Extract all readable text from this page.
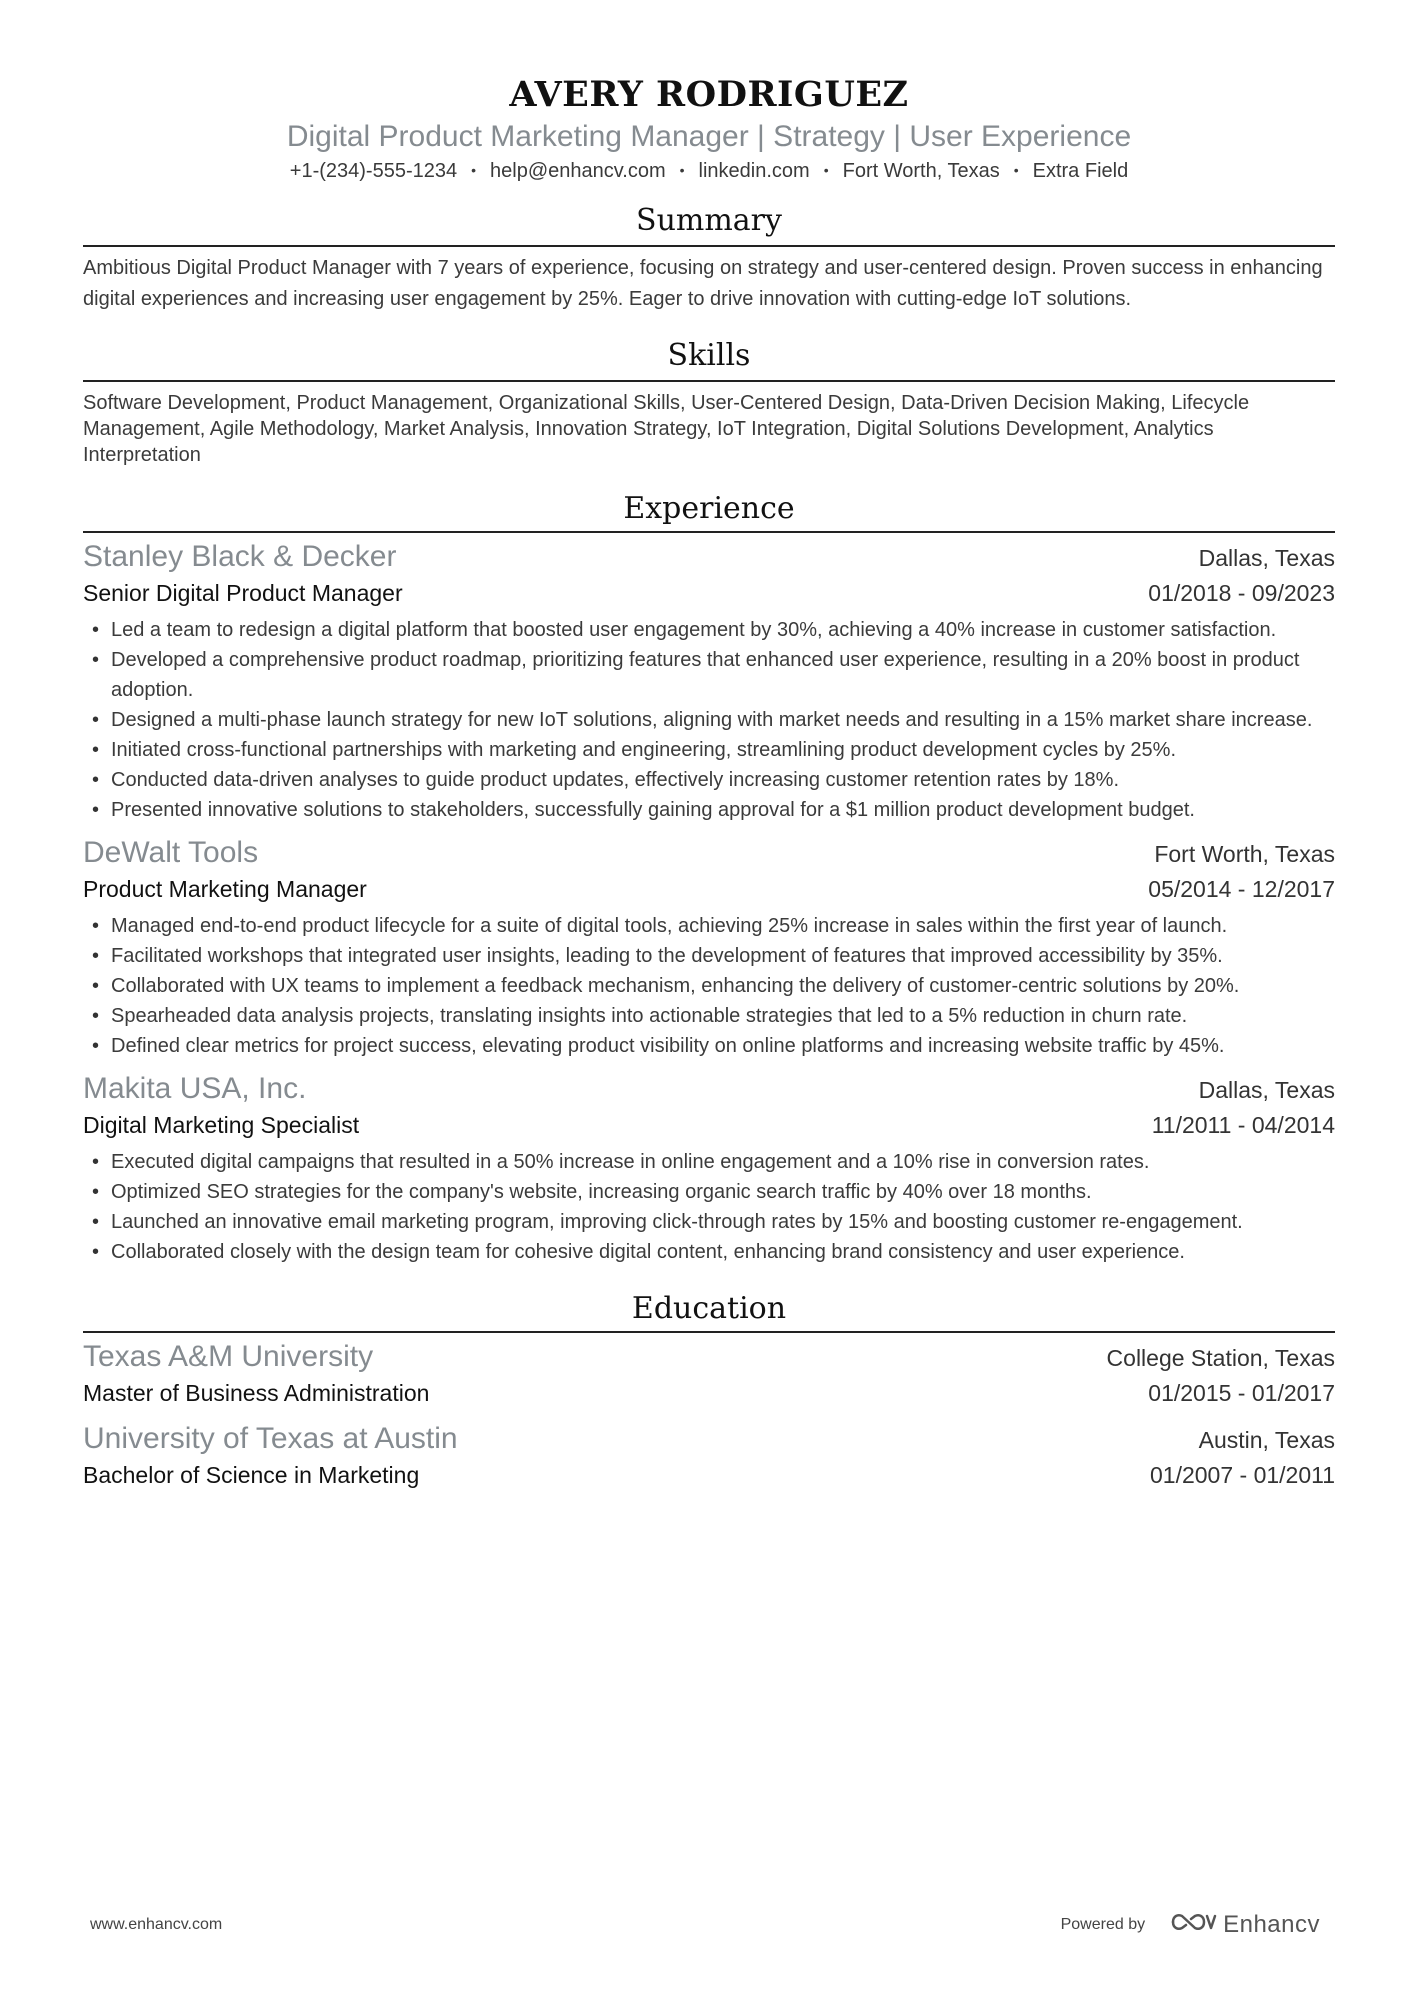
AVERY RODRIGUEZ
Digital Product Marketing Manager | Strategy | User Experience
+1-(234)-555-1234 • help@enhancv.com • linkedin.com • Fort Worth, Texas • Extra Field
Summary
Ambitious Digital Product Manager with 7 years of experience, focusing on strategy and user-centered design. Proven success in enhancing digital experiences and increasing user engagement by 25%. Eager to drive innovation with cutting-edge IoT solutions.
Skills
Software Development, Product Management, Organizational Skills, User-Centered Design, Data-Driven Decision Making, Lifecycle Management, Agile Methodology, Market Analysis, Innovation Strategy, IoT Integration, Digital Solutions Development, Analytics Interpretation
Experience
Stanley Black & Decker	Dallas, Texas
Senior Digital Product Manager	01/2018 - 09/2023
• Led a team to redesign a digital platform that boosted user engagement by 30%, achieving a 40% increase in customer satisfaction.
• Developed a comprehensive product roadmap, prioritizing features that enhanced user experience, resulting in a 20% boost in product adoption.
• Designed a multi-phase launch strategy for new IoT solutions, aligning with market needs and resulting in a 15% market share increase.
• Initiated cross-functional partnerships with marketing and engineering, streamlining product development cycles by 25%.
• Conducted data-driven analyses to guide product updates, effectively increasing customer retention rates by 18%.
• Presented innovative solutions to stakeholders, successfully gaining approval for a $1 million product development budget.
DeWalt Tools	Fort Worth, Texas
Product Marketing Manager	05/2014 - 12/2017
• Managed end-to-end product lifecycle for a suite of digital tools, achieving 25% increase in sales within the first year of launch.
• Facilitated workshops that integrated user insights, leading to the development of features that improved accessibility by 35%.
• Collaborated with UX teams to implement a feedback mechanism, enhancing the delivery of customer-centric solutions by 20%.
• Spearheaded data analysis projects, translating insights into actionable strategies that led to a 5% reduction in churn rate.
• Defined clear metrics for project success, elevating product visibility on online platforms and increasing website traffic by 45%.
Makita USA, Inc.	Dallas, Texas
Digital Marketing Specialist	11/2011 - 04/2014
• Executed digital campaigns that resulted in a 50% increase in online engagement and a 10% rise in conversion rates.
• Optimized SEO strategies for the company's website, increasing organic search traffic by 40% over 18 months.
• Launched an innovative email marketing program, improving click-through rates by 15% and boosting customer re-engagement.
• Collaborated closely with the design team for cohesive digital content, enhancing brand consistency and user experience.
Education
Texas A&M University	College Station, Texas
Master of Business Administration	01/2015 - 01/2017
University of Texas at Austin	Austin, Texas
Bachelor of Science in Marketing	01/2007 - 01/2011
www.enhancv.com	Powered by	Enhancv
